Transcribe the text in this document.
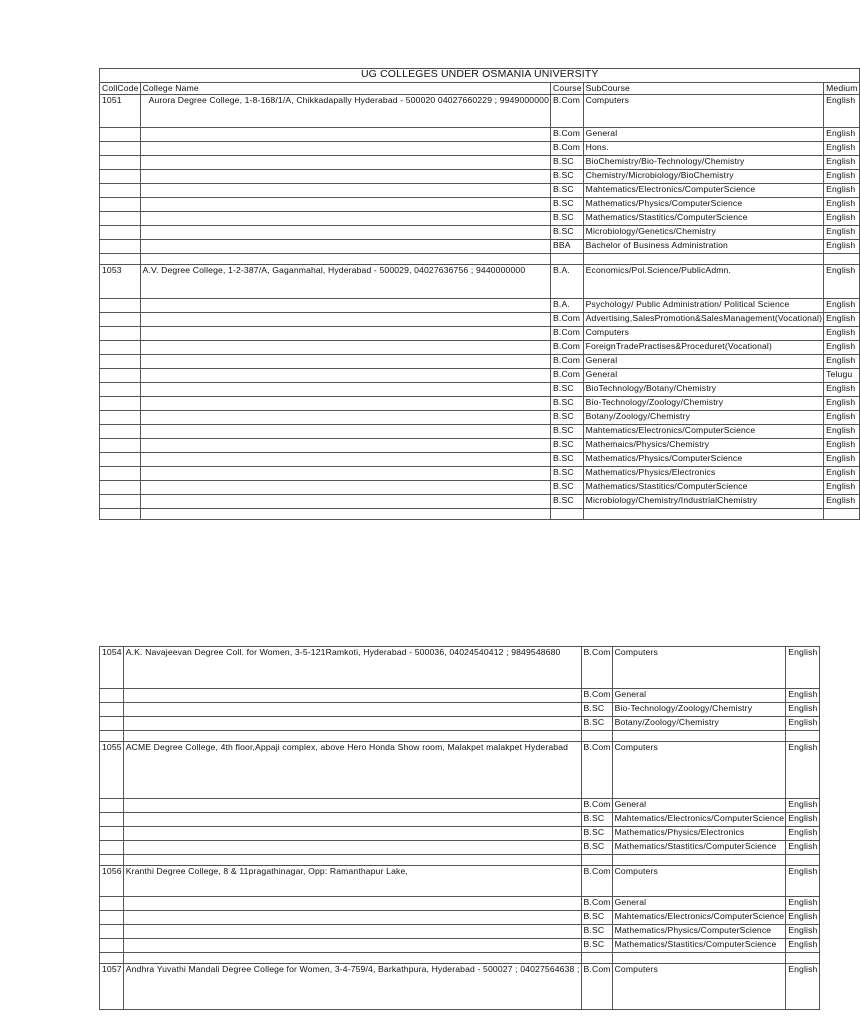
UG COLLEGES UNDER OSMANIA UNIVERSITY				
CollCode	College Name	Course	SubCourse	Medium
1051	Aurora Degree College, 1-8-168/1/A, Chikkadapally Hyderabad - 500020 04027660229 ; 9949000000	B.Com	Computers	English
		B.Com	General	English
		B.Com	Hons.	English
		B.SC	BioChemistry/Bio-Technology/Chemistry	English
		B.SC	Chemistry/Microbiology/BioChemistry	English
		B.SC	Mahtematics/Electronics/ComputerScience	English
		B.SC	Mathematics/Physics/ComputerScience	English
		B.SC	Mathematics/Stastitics/ComputerScience	English
		B.SC	Microbiology/Genetics/Chemistry	English
		BBA	Bachelor of Business Administration	English

1053	A.V. Degree College, 1-2-387/A, Gaganmahal, Hyderabad - 500029, 04027636756 ; 9440000000	B.A.	Economics/Pol.Science/PublicAdmn.	English
		B.A.	Psychology/ Public Administration/ Political Science	English
		B.Com	Advertising,SalesPromotion&SalesManagement(Vocational)	English
		B.Com	Computers	English
		B.Com	ForeignTradePractises&Proceduret(Vocational)	English
		B.Com	General	English
		B.Com	General	Telugu
		B.SC	BioTechnology/Botany/Chemistry	English
		B.SC	Bio-Technology/Zoology/Chemistry	English
		B.SC	Botany/Zoology/Chemistry	English
		B.SC	Mahtematics/Electronics/ComputerScience	English
		B.SC	Mathemaics/Physics/Chemistry	English
		B.SC	Mathematics/Physics/ComputerScience	English
		B.SC	Mathematics/Physics/Electronics	English
		B.SC	Mathematics/Stastitics/ComputerScience	English
		B.SC	Microbiology/Chemistry/IndustrialChemistry	English

1054	A.K. Navajeevan Degree Coll. for Women, 3-5-121Ramkoti, Hyderabad - 500036, 04024540412 ; 9849548680	B.Com	Computers	English
		B.Com	General	English
		B.SC	Bio-Technology/Zoology/Chemistry	English
		B.SC	Botany/Zoology/Chemistry	English

1055	ACME Degree College, 4th floor,Appaji complex, above Hero Honda Show room, Malakpet malakpet Hyderabad	B.Com	Computers	English
		B.Com	General	English
		B.SC	Mahtematics/Electronics/ComputerScience	English
		B.SC	Mathematics/Physics/Electronics	English
		B.SC	Mathematics/Stastitics/ComputerScience	English

1056	Kranthi Degree College, 8 & 11pragathinagar, Opp: Ramanthapur Lake,	B.Com	Computers	English
		B.Com	General	English
		B.SC	Mahtematics/Electronics/ComputerScience	English
		B.SC	Mathematics/Physics/ComputerScience	English
		B.SC	Mathematics/Stastitics/ComputerScience	English

1057	Andhra Yuvathi Mandali Degree College for Women, 3-4-759/4, Barkathpura, Hyderabad - 500027 ; 04027564638 ;	B.Com	Computers	English
